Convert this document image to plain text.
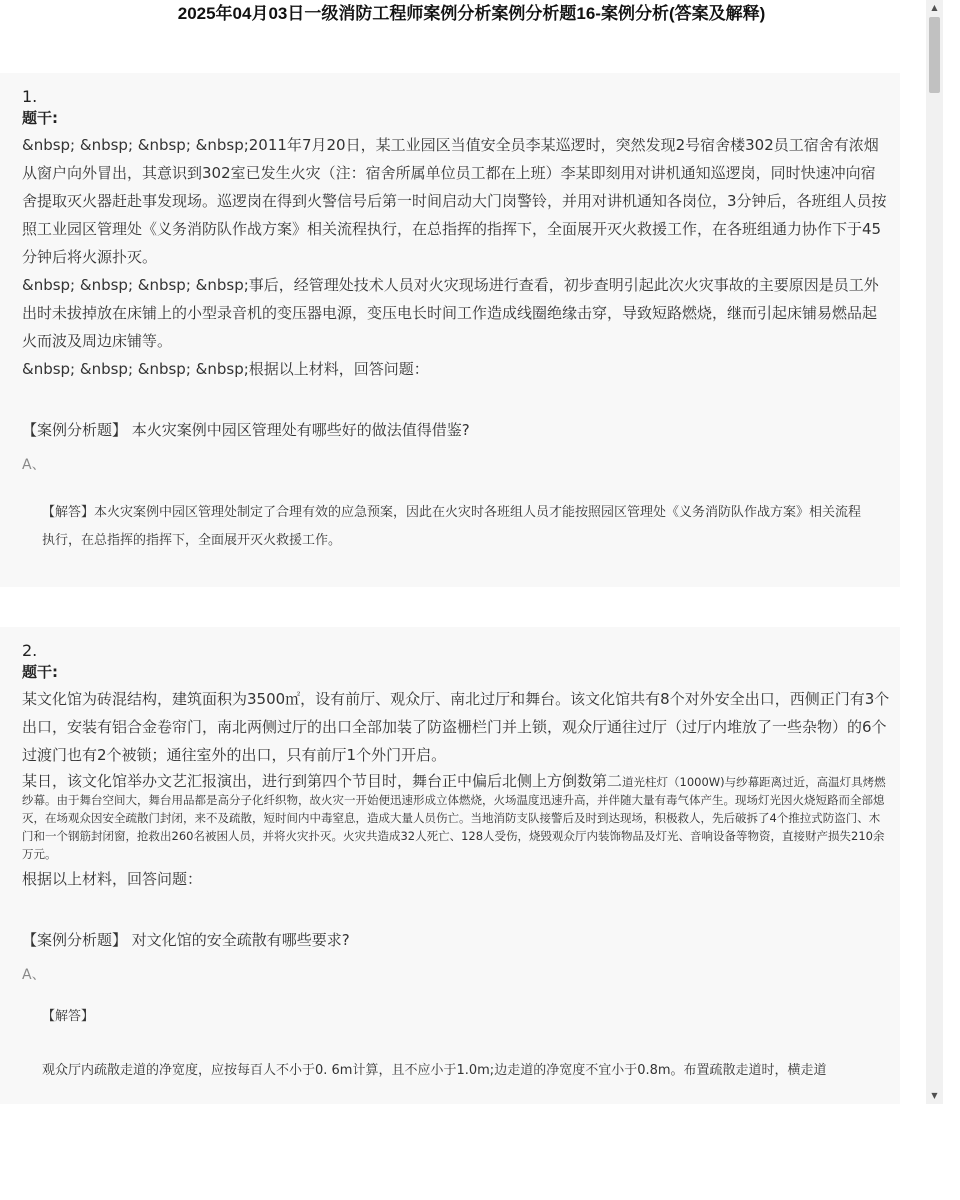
2025年04月03日一级消防工程师案例分析案例分析题16-案例分析(答案及解释)
1.
题干:

&nbsp; &nbsp; &nbsp; &nbsp;2011年7月20日，某工业园区当值安全员李某巡逻时，突然发现2号宿舍楼302员工宿舍有浓烟从窗户向外冒出，其意识到302室已发生火灾（注：宿舍所属单位员工都在上班）李某即刻用对讲机通知巡逻岗，同时快速冲向宿舍提取灭火器赶赴事发现场。巡逻岗在得到火警信号后第一时间启动大门岗警铃，并用对讲机通知各岗位，3分钟后，各班组人员按照工业园区管理处《义务消防队作战方案》相关流程执行，在总指挥的指挥下，全面展开灭火救援工作，在各班组通力协作下于45分钟后将火源扑灭。

&nbsp; &nbsp; &nbsp; &nbsp;事后，经管理处技术人员对火灾现场进行查看，初步查明引起此次火灾事故的主要原因是员工外出时未拔掉放在床铺上的小型录音机的变压器电源，变压电长时间工作造成线圈绝缘击穿，导致短路燃烧，继而引起床铺易燃品起火而波及周边床铺等。

&nbsp; &nbsp; &nbsp; &nbsp;根据以上材料，回答问题：

【案例分析题】 本火灾案例中园区管理处有哪些好的做法值得借鉴?
A、
【解答】本火灾案例中园区管理处制定了合理有效的应急预案，因此在火灾时各班组人员才能按照园区管理处《义务消防队作战方案》相关流程执行，在总指挥的指挥下，全面展开灭火救援工作。
2.
题干:

某文化馆为砖混结构，建筑面积为3500㎡，设有前厅、观众厅、南北过厅和舞台。该文化馆共有8个对外安全出口，西侧正门有3个出口，安装有铝合金卷帘门，南北两侧过厅的出口全部加装了防盗栅栏门并上锁，观众厅通往过厅（过厅内堆放了一些杂物）的6个过渡门也有2个被锁；通往室外的出口，只有前厅1个外门开启。

某日，该文化馆举办文艺汇报演出，进行到第四个节目时，舞台正中偏后北侧上方倒数第二道光柱灯（1000W)与纱幕距离过近，高温灯具烤燃纱幕。由于舞台空间大，舞台用品都是高分子化纤织物，故火灾一开始便迅速形成立体燃烧，火场温度迅速升高，并伴随大量有毒气体产生。现场灯光因火烧短路而全部熄灭，在场观众因安全疏散门封闭，来不及疏散，短时间内中毒窒息，造成大量人员伤亡。当地消防支队接警后及时到达现场，积极救人，先后破拆了4个推拉式防盗门、木门和一个钢筋封闭窗，抢救出260名被困人员，并将火灾扑灭。火灾共造成32人死亡、128人受伤，烧毁观众厅内装饰物品及灯光、音响设备等物资，直接财产损失210余万元。

根据以上材料，回答问题：

【案例分析题】 对文化馆的安全疏散有哪些要求?
A、
【解答】
观众厅内疏散走道的净宽度，应按每百人不小于0. 6m计算，且不应小于1.0m;边走道的净宽度不宜小于0.8m。布置疏散走道时，横走道
▲
▼
